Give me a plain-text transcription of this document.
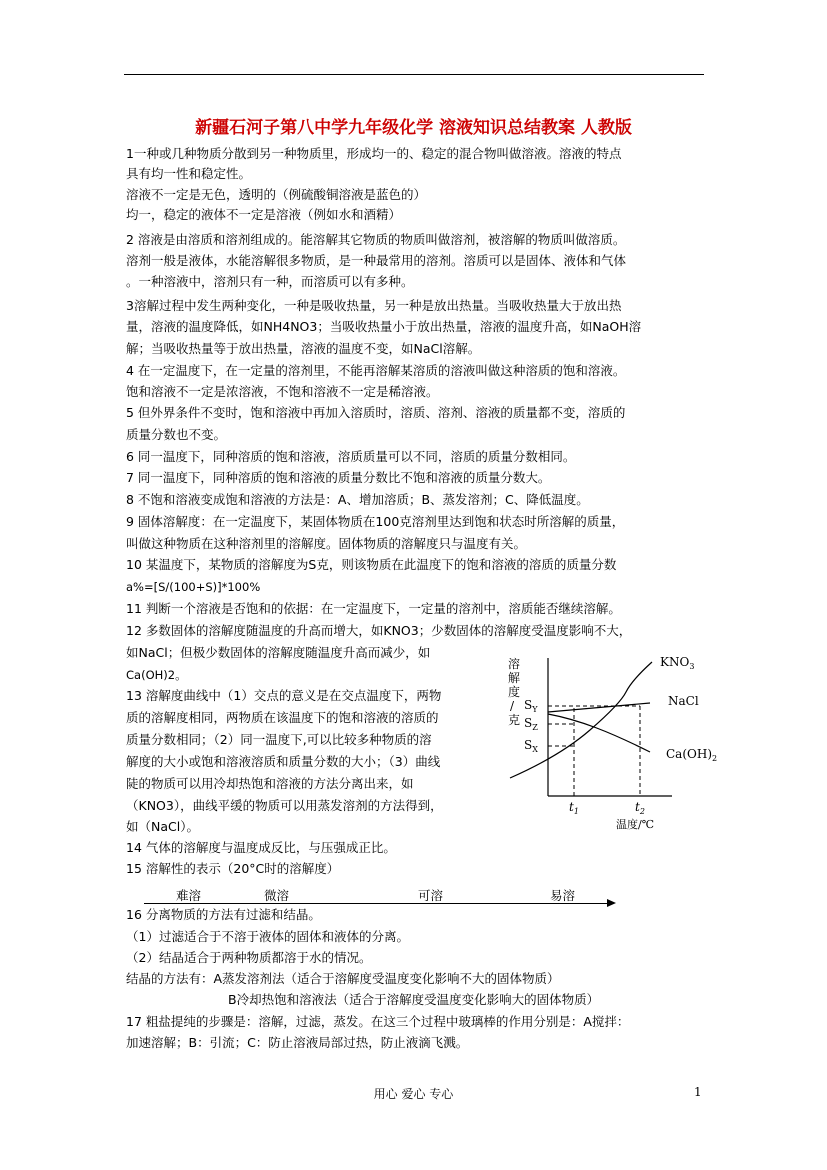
新疆石河子第八中学九年级化学 溶液知识总结教案 人教版
1一种或几种物质分散到另一种物质里，形成均一的、稳定的混合物叫做溶液。溶液的特点
具有均一性和稳定性。
溶液不一定是无色，透明的（例硫酸铜溶液是蓝色的）
均一，稳定的液体不一定是溶液（例如水和酒精）
2 溶液是由溶质和溶剂组成的。能溶解其它物质的物质叫做溶剂，被溶解的物质叫做溶质。
溶剂一般是液体，水能溶解很多物质，是一种最常用的溶剂。溶质可以是固体、液体和气体
。一种溶液中，溶剂只有一种，而溶质可以有多种。
3溶解过程中发生两种变化，一种是吸收热量，另一种是放出热量。当吸收热量大于放出热
量，溶液的温度降低，如NH4NO3；当吸收热量小于放出热量，溶液的温度升高，如NaOH溶
解；当吸收热量等于放出热量，溶液的温度不变，如NaCl溶解。
4 在一定温度下，在一定量的溶剂里，不能再溶解某溶质的溶液叫做这种溶质的饱和溶液。
饱和溶液不一定是浓溶液，不饱和溶液不一定是稀溶液。
5 但外界条件不变时，饱和溶液中再加入溶质时，溶质、溶剂、溶液的质量都不变，溶质的
质量分数也不变。
6 同一温度下，同种溶质的饱和溶液，溶质质量可以不同，溶质的质量分数相同。
7 同一温度下，同种溶质的饱和溶液的质量分数比不饱和溶液的质量分数大。
8 不饱和溶液变成饱和溶液的方法是：A、增加溶质；B、蒸发溶剂；C、降低温度。
9 固体溶解度：在一定温度下，某固体物质在100克溶剂里达到饱和状态时所溶解的质量，
叫做这种物质在这种溶剂里的溶解度。固体物质的溶解度只与温度有关。
10 某温度下，某物质的溶解度为S克，则该物质在此温度下的饱和溶液的溶质的质量分数
a%=[S/(100+S)]*100%
11 判断一个溶液是否饱和的依据：在一定温度下，一定量的溶剂中，溶质能否继续溶解。
12 多数固体的溶解度随温度的升高而增大，如KNO3；少数固体的溶解度受温度影响不大，
如NaCl；但极少数固体的溶解度随温度升高而减少，如
Ca(OH)2。
13 溶解度曲线中（1）交点的意义是在交点温度下，两物
质的溶解度相同，两物质在该温度下的饱和溶液的溶质的
质量分数相同；（2）同一温度下,可以比较多种物质的溶
解度的大小或饱和溶液溶质和质量分数的大小；（3）曲线
陡的物质可以用冷却热饱和溶液的方法分离出来，如
（KNO3），曲线平缓的物质可以用蒸发溶剂的方法得到，
如（NaCl）。
14 气体的溶解度与温度成反比，与压强成正比。
15 溶解性的表示（20°C时的溶解度）
难溶	微溶	可溶	易溶
16 分离物质的方法有过滤和结晶。
（1）过滤适合于不溶于液体的固体和液体的分离。
（2）结晶适合于两种物质都溶于水的情况。
结晶的方法有：A蒸发溶剂法（适合于溶解度受温度变化影响不大的固体物质）
B冷却热饱和溶液法（适合于溶解度受温度变化影响大的固体物质）
17 粗盐提纯的步骤是：溶解，过滤，蒸发。在这三个过程中玻璃棒的作用分别是：A搅拌：
加速溶解；B：引流；C：防止溶液局部过热，防止液滴飞溅。
溶解度/克
$S_Y$
$S_Z$
$S_X$
$t_1$	$t_2$
$KNO_3$
NaCl
$Ca(OH)_2$
温度/℃
用心 爱心 专心	1
